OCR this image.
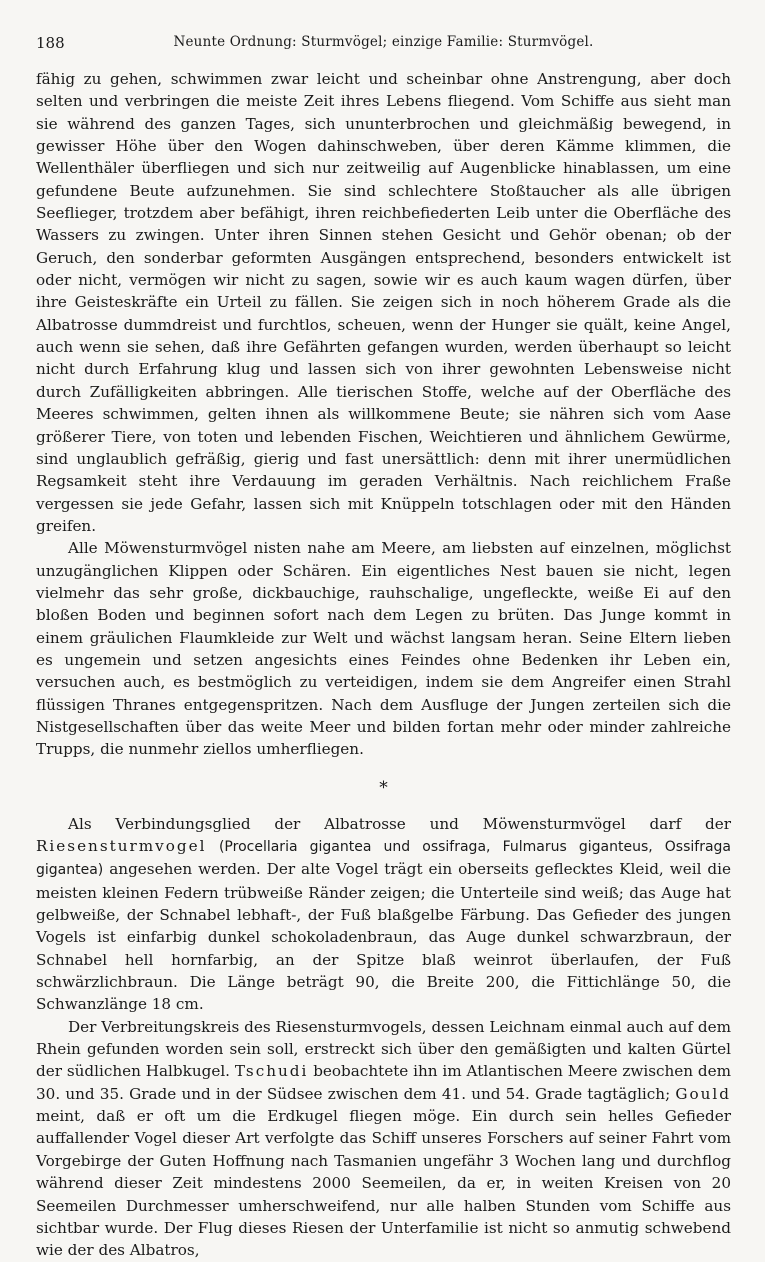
188	Neunte Ordnung: Sturmvögel; einzige Familie: Sturmvögel.

fähig zu gehen, schwimmen zwar leicht und scheinbar ohne Anstrengung, aber doch selten und verbringen die meiste Zeit ihres Lebens fliegend. Vom Schiffe aus sieht man sie während des ganzen Tages, sich ununterbrochen und gleichmäßig bewegend, in gewisser Höhe über den Wogen dahinschweben, über deren Kämme klimmen, die Wellenthäler überfliegen und sich nur zeitweilig auf Augenblicke hinablassen, um eine gefundene Beute aufzunehmen. Sie sind schlechtere Stoßtaucher als alle übrigen Seeflieger, trotzdem aber befähigt, ihren reichbefiederten Leib unter die Oberfläche des Wassers zu zwingen. Unter ihren Sinnen stehen Gesicht und Gehör obenan; ob der Geruch, den sonderbar geformten Ausgängen entsprechend, besonders entwickelt ist oder nicht, vermögen wir nicht zu sagen, sowie wir es auch kaum wagen dürfen, über ihre Geisteskräfte ein Urteil zu fällen. Sie zeigen sich in noch höherem Grade als die Albatrosse dummdreist und furchtlos, scheuen, wenn der Hunger sie quält, keine Angel, auch wenn sie sehen, daß ihre Gefährten gefangen wurden, werden überhaupt so leicht nicht durch Erfahrung klug und lassen sich von ihrer gewohnten Lebensweise nicht durch Zufälligkeiten abbringen. Alle tierischen Stoffe, welche auf der Oberfläche des Meeres schwimmen, gelten ihnen als willkommene Beute; sie nähren sich vom Aase größerer Tiere, von toten und lebenden Fischen, Weichtieren und ähnlichem Gewürme, sind unglaublich gefräßig, gierig und fast unersättlich: denn mit ihrer unermüdlichen Regsamkeit steht ihre Verdauung im geraden Verhältnis. Nach reichlichem Fraße vergessen sie jede Gefahr, lassen sich mit Knüppeln totschlagen oder mit den Händen greifen.

Alle Möwensturmvögel nisten nahe am Meere, am liebsten auf einzelnen, möglichst unzugänglichen Klippen oder Schären. Ein eigentliches Nest bauen sie nicht, legen vielmehr das sehr große, dickbauchige, rauhschalige, ungefleckte, weiße Ei auf den bloßen Boden und beginnen sofort nach dem Legen zu brüten. Das Junge kommt in einem gräulichen Flaumkleide zur Welt und wächst langsam heran. Seine Eltern lieben es ungemein und setzen angesichts eines Feindes ohne Bedenken ihr Leben ein, versuchen auch, es bestmöglich zu verteidigen, indem sie dem Angreifer einen Strahl flüssigen Thranes entgegenspritzen. Nach dem Ausfluge der Jungen zerteilen sich die Nistgesellschaften über das weite Meer und bilden fortan mehr oder minder zahlreiche Trupps, die nunmehr ziellos umherfliegen.

*

Als Verbindungsglied der Albatrosse und Möwensturmvögel darf der Riesensturmvogel (Procellaria gigantea und ossifraga, Fulmarus giganteus, Ossifraga gigantea) angesehen werden. Der alte Vogel trägt ein oberseits geflecktes Kleid, weil die meisten kleinen Federn trübweiße Ränder zeigen; die Unterteile sind weiß; das Auge hat gelbweiße, der Schnabel lebhaft-, der Fuß blaßgelbe Färbung. Das Gefieder des jungen Vogels ist einfarbig dunkel schokoladenbraun, das Auge dunkel schwarzbraun, der Schnabel hell hornfarbig, an der Spitze blaß weinrot überlaufen, der Fuß schwärzlichbraun. Die Länge beträgt 90, die Breite 200, die Fittichlänge 50, die Schwanzlänge 18 cm.

Der Verbreitungskreis des Riesensturmvogels, dessen Leichnam einmal auch auf dem Rhein gefunden worden sein soll, erstreckt sich über den gemäßigten und kalten Gürtel der südlichen Halbkugel. Tschudi beobachtete ihn im Atlantischen Meere zwischen dem 30. und 35. Grade und in der Südsee zwischen dem 41. und 54. Grade tagtäglich; Gould meint, daß er oft um die Erdkugel fliegen möge. Ein durch sein helles Gefieder auffallender Vogel dieser Art verfolgte das Schiff unseres Forschers auf seiner Fahrt vom Vorgebirge der Guten Hoffnung nach Tasmanien ungefähr 3 Wochen lang und durchflog während dieser Zeit mindestens 2000 Seemeilen, da er, in weiten Kreisen von 20 Seemeilen Durchmesser umherschweifend, nur alle halben Stunden vom Schiffe aus sichtbar wurde. Der Flug dieses Riesen der Unterfamilie ist nicht so anmutig schwebend wie der des Albatros,
